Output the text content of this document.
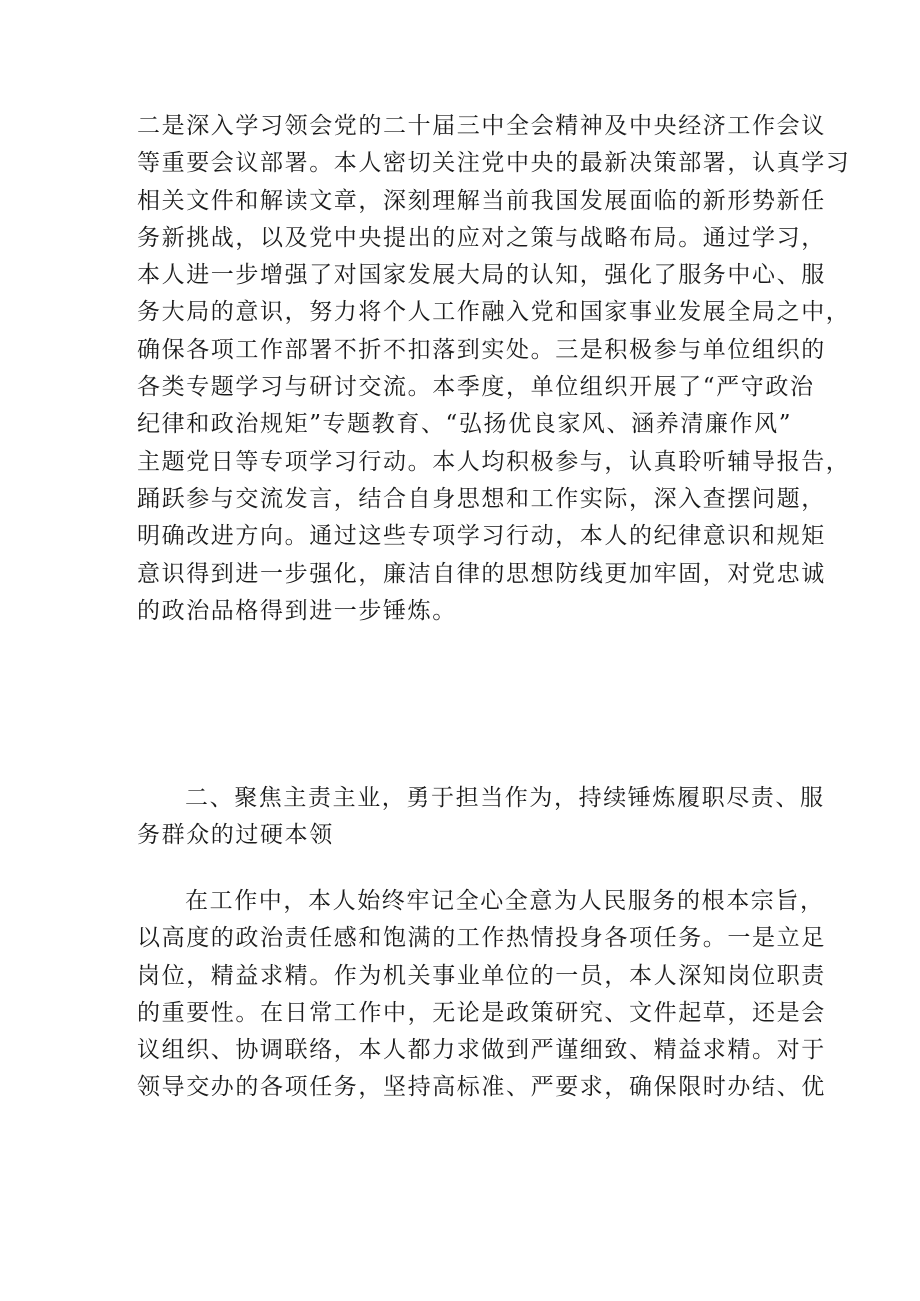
二是深入学习领会党的二十届三中全会精神及中央经济工作会议
等重要会议部署。本人密切关注党中央的最新决策部署，认真学习
相关文件和解读文章，深刻理解当前我国发展面临的新形势新任
务新挑战，以及党中央提出的应对之策与战略布局。通过学习，
本人进一步增强了对国家发展大局的认知，强化了服务中心、服
务大局的意识，努力将个人工作融入党和国家事业发展全局之中，
确保各项工作部署不折不扣落到实处。三是积极参与单位组织的
各类专题学习与研讨交流。本季度，单位组织开展了“严守政治
纪律和政治规矩”专题教育、“弘扬优良家风、涵养清廉作风”
主题党日等专项学习行动。本人均积极参与，认真聆听辅导报告，
踊跃参与交流发言，结合自身思想和工作实际，深入查摆问题，
明确改进方向。通过这些专项学习行动，本人的纪律意识和规矩
意识得到进一步强化，廉洁自律的思想防线更加牢固，对党忠诚
的政治品格得到进一步锤炼。
二、聚焦主责主业，勇于担当作为，持续锤炼履职尽责、服
务群众的过硬本领
在工作中，本人始终牢记全心全意为人民服务的根本宗旨，
以高度的政治责任感和饱满的工作热情投身各项任务。一是立足
岗位，精益求精。作为机关事业单位的一员，本人深知岗位职责
的重要性。在日常工作中，无论是政策研究、文件起草，还是会
议组织、协调联络，本人都力求做到严谨细致、精益求精。对于
领导交办的各项任务，坚持高标准、严要求，确保限时办结、优
